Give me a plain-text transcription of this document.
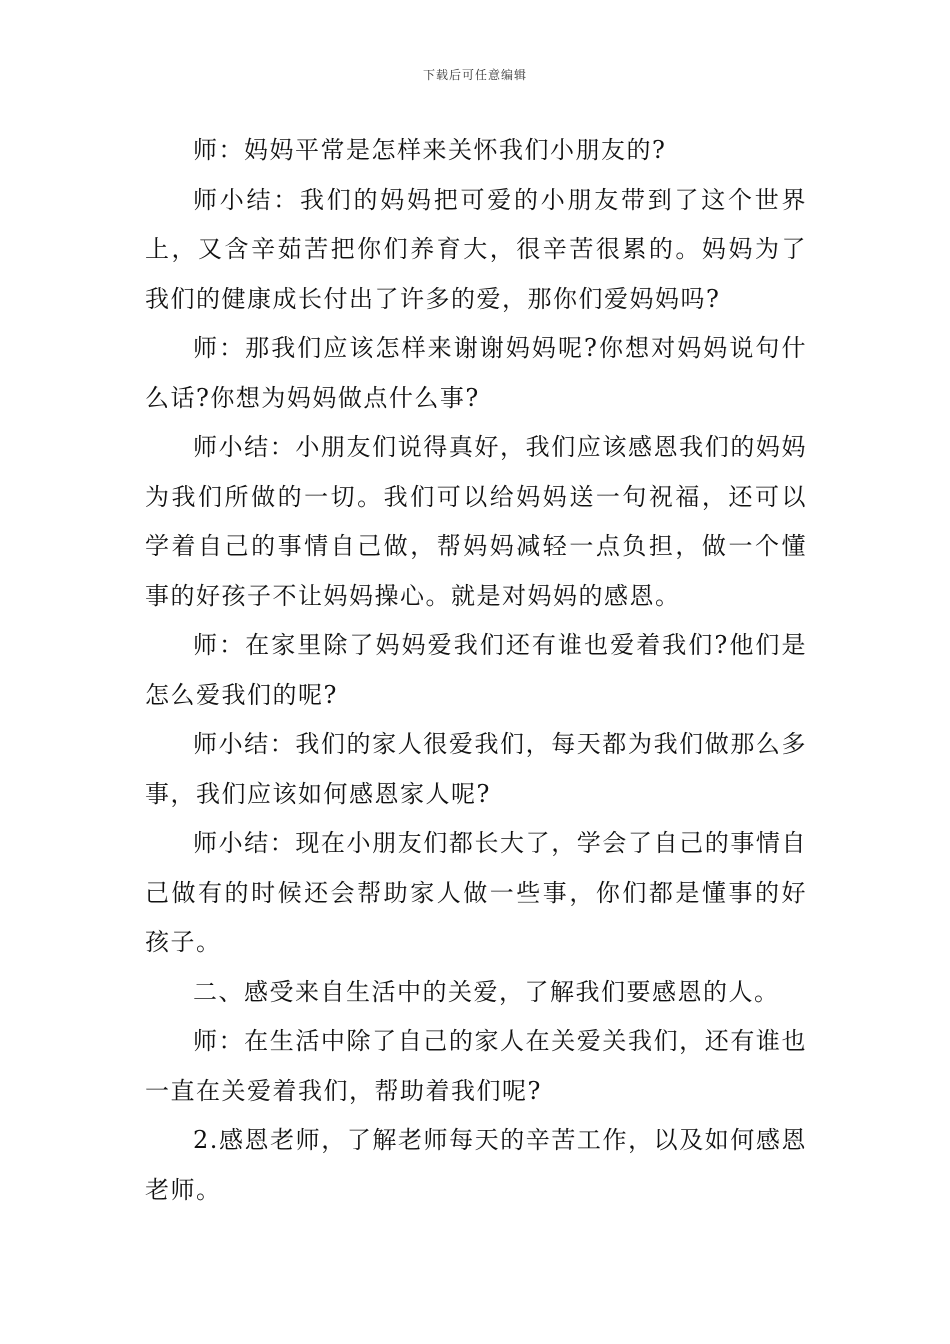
下载后可任意编辑

师：妈妈平常是怎样来关怀我们小朋友的?

师小结：我们的妈妈把可爱的小朋友带到了这个世界上，又含辛茹苦把你们养育大，很辛苦很累的。妈妈为了我们的健康成长付出了许多的爱，那你们爱妈妈吗?

师：那我们应该怎样来谢谢妈妈呢?你想对妈妈说句什么话?你想为妈妈做点什么事?

师小结：小朋友们说得真好，我们应该感恩我们的妈妈为我们所做的一切。我们可以给妈妈送一句祝福，还可以学着自己的事情自己做，帮妈妈减轻一点负担，做一个懂事的好孩子不让妈妈操心。就是对妈妈的感恩。

师：在家里除了妈妈爱我们还有谁也爱着我们?他们是怎么爱我们的呢?

师小结：我们的家人很爱我们，每天都为我们做那么多事，我们应该如何感恩家人呢?

师小结：现在小朋友们都长大了，学会了自己的事情自己做有的时候还会帮助家人做一些事，你们都是懂事的好孩子。

二、感受来自生活中的关爱，了解我们要感恩的人。

师：在生活中除了自己的家人在关爱关我们，还有谁也一直在关爱着我们，帮助着我们呢?

2.感恩老师，了解老师每天的辛苦工作，以及如何感恩老师。
